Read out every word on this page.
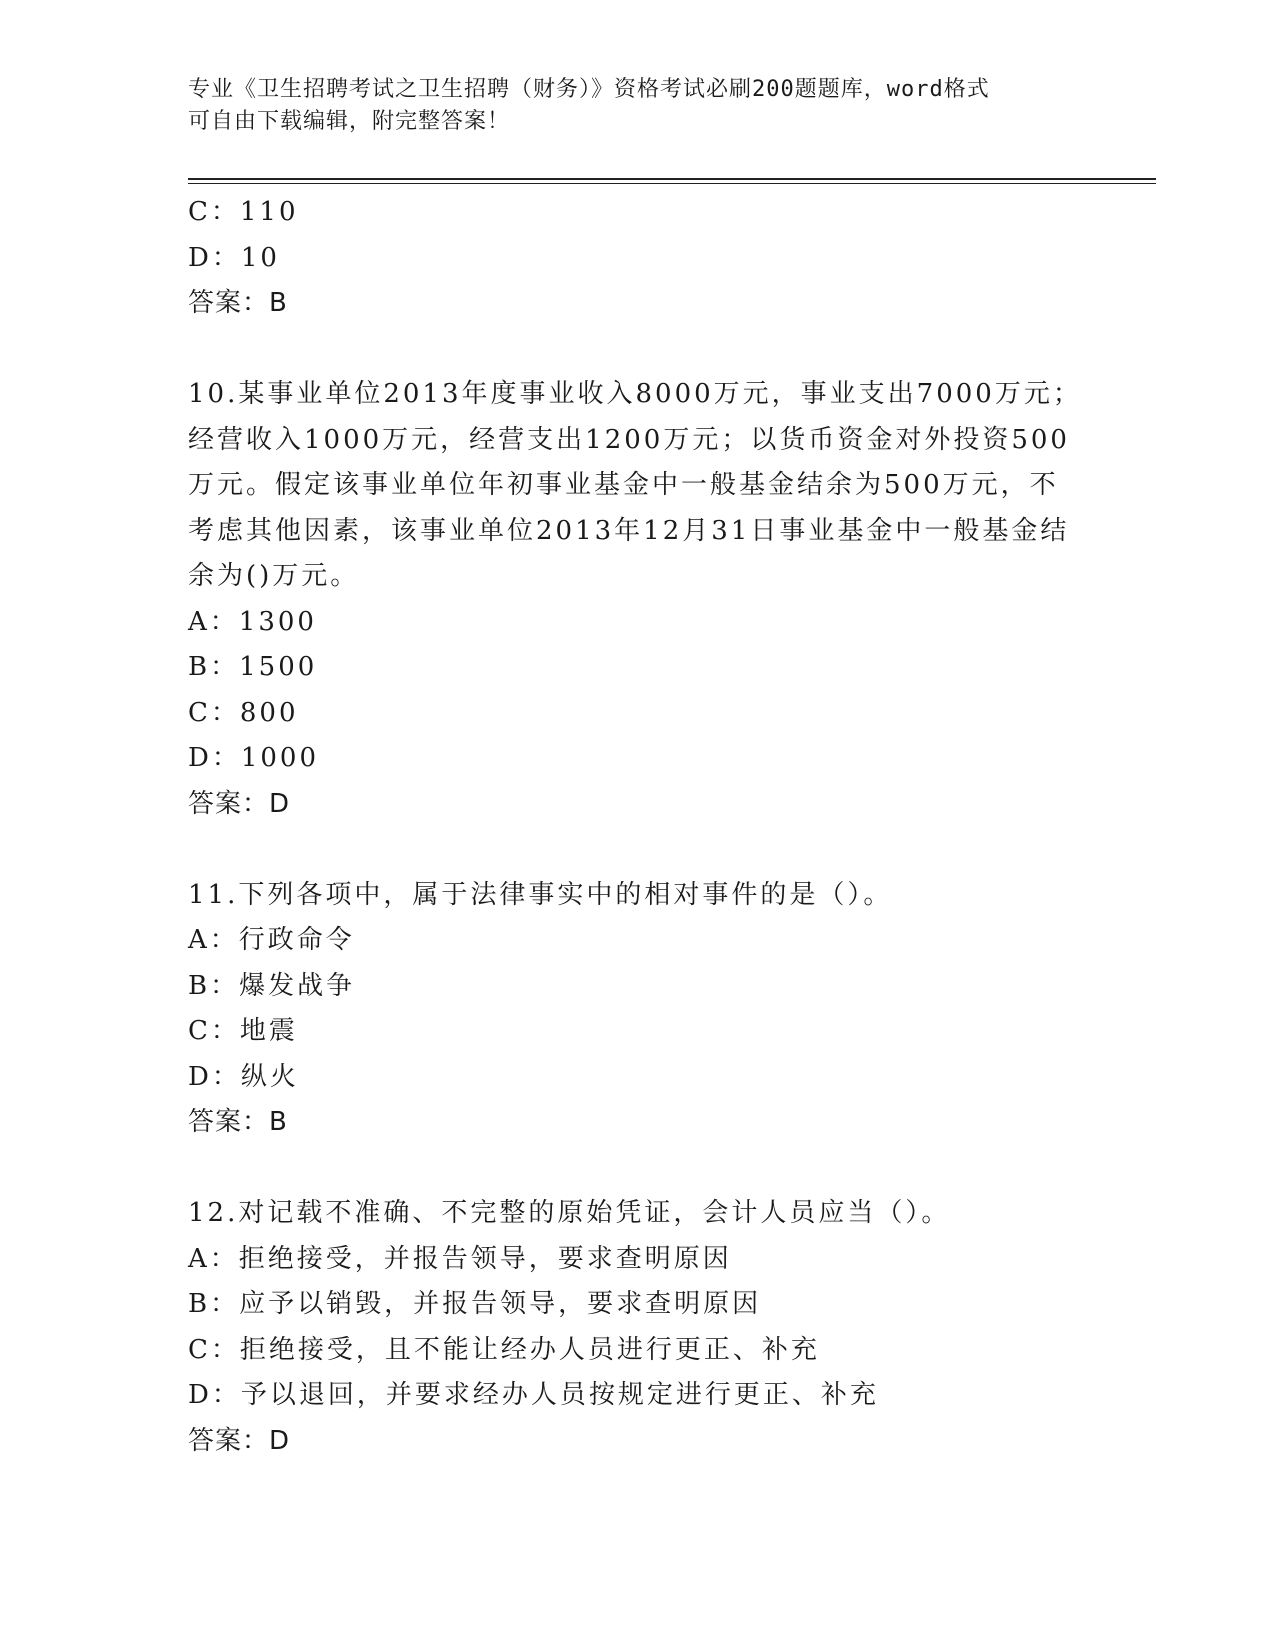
专业《卫生招聘考试之卫生招聘（财务）》资格考试必刷200题题库，word格式
可自由下载编辑，附完整答案！
C：110
D：10
答案：B
10.某事业单位2013年度事业收入8000万元，事业支出7000万元；
经营收入1000万元，经营支出1200万元；以货币资金对外投资500
万元。假定该事业单位年初事业基金中一般基金结余为500万元，不
考虑其他因素，该事业单位2013年12月31日事业基金中一般基金结
余为()万元。
A：1300
B：1500
C：800
D：1000
答案：D
11.下列各项中，属于法律事实中的相对事件的是（）。
A：行政命令
B：爆发战争
C：地震
D：纵火
答案：B
12.对记载不准确、不完整的原始凭证，会计人员应当（）。
A：拒绝接受，并报告领导，要求查明原因
B：应予以销毁，并报告领导，要求查明原因
C：拒绝接受，且不能让经办人员进行更正、补充
D：予以退回，并要求经办人员按规定进行更正、补充
答案：D
